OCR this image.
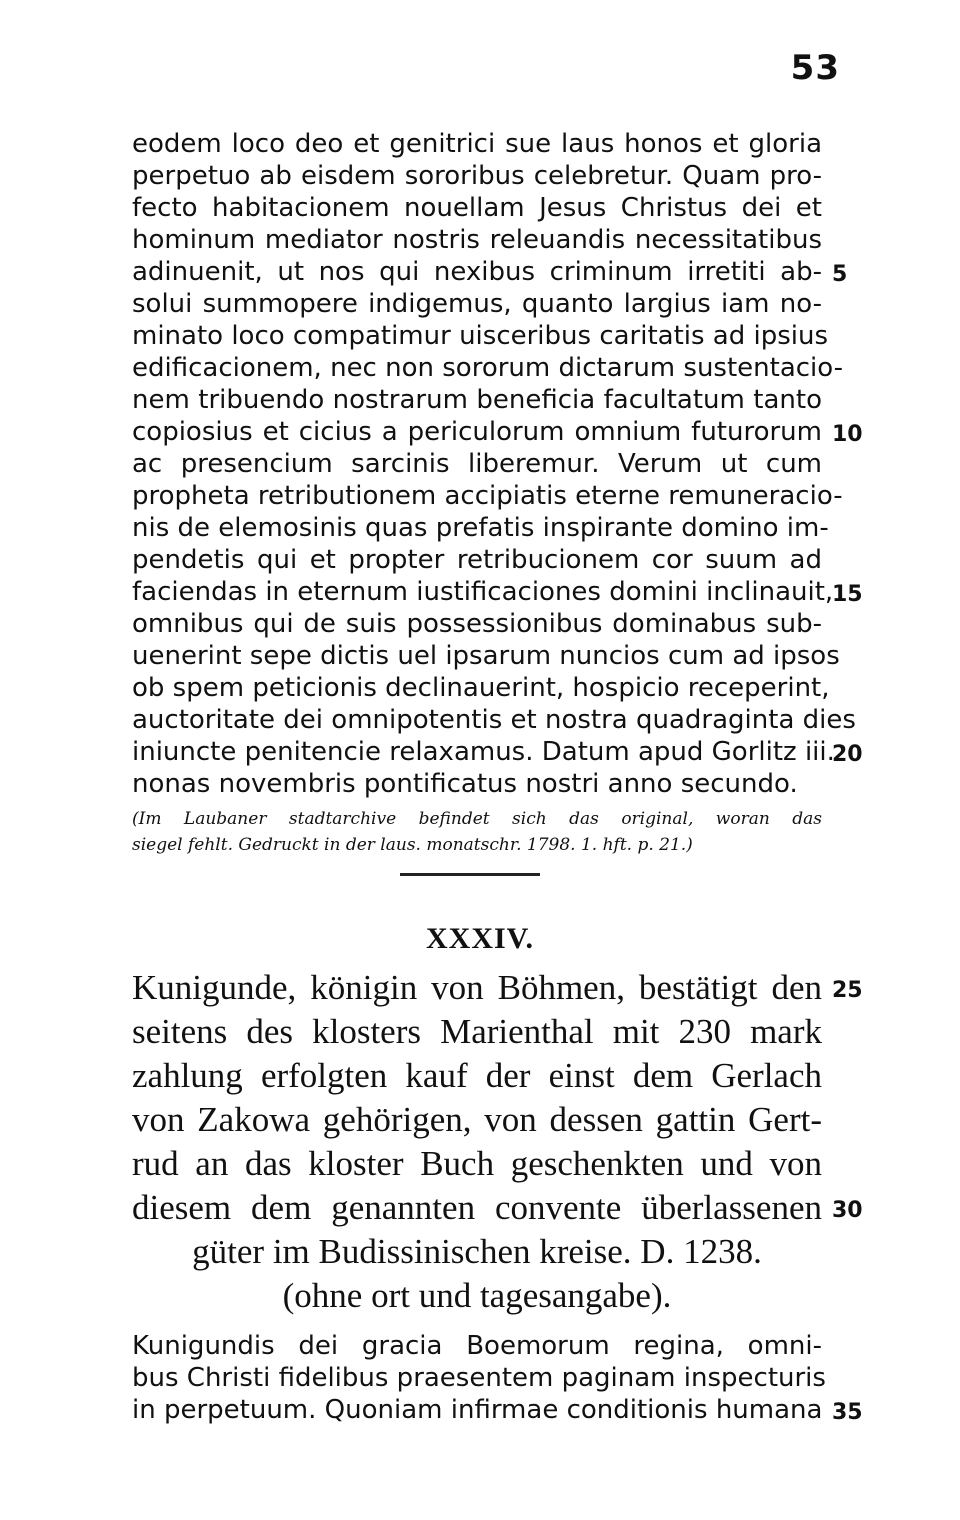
53
eodem loco deo et genitrici sue laus honos et gloria
perpetuo ab eisdem sororibus celebretur. Quam pro-
fecto habitacionem nouellam Jesus Christus dei et
hominum mediator nostris releuandis necessitatibus
adinuenit, ut nos qui nexibus criminum irretiti ab-
solui summopere indigemus, quanto largius iam no-
minato loco compatimur uisceribus caritatis ad ipsius
edificacionem, nec non sororum dictarum sustentacio-
nem tribuendo nostrarum beneficia facultatum tanto
copiosius et cicius a periculorum omnium futurorum
ac presencium sarcinis liberemur. Verum ut cum
propheta retributionem accipiatis eterne remuneracio-
nis de elemosinis quas prefatis inspirante domino im-
pendetis qui et propter retribucionem cor suum ad
faciendas in eternum iustificaciones domini inclinauit,
omnibus qui de suis possessionibus dominabus sub-
uenerint sepe dictis uel ipsarum nuncios cum ad ipsos
ob spem peticionis declinauerint, hospicio receperint,
auctoritate dei omnipotentis et nostra quadraginta dies
iniuncte penitencie relaxamus. Datum apud Gorlitz iii.
nonas novembris pontificatus nostri anno secundo.
(Im Laubaner stadtarchive befindet sich das original, woran das
siegel fehlt. Gedruckt in der laus. monatschr. 1798. 1. hft. p. 21.)
XXXIV.
Kunigunde, königin von Böhmen, bestätigt den
seitens des klosters Marienthal mit 230 mark
zahlung erfolgten kauf der einst dem Gerlach
von Zakowa gehörigen, von dessen gattin Gert-
rud an das kloster Buch geschenkten und von
diesem dem genannten convente überlassenen
güter im Budissinischen kreise. D. 1238.
(ohne ort und tagesangabe).
Kunigundis dei gracia Boemorum regina, omni-
bus Christi fidelibus praesentem paginam inspecturis
in perpetuum. Quoniam infirmae conditionis humana
5
10
15
20
25
30
35
